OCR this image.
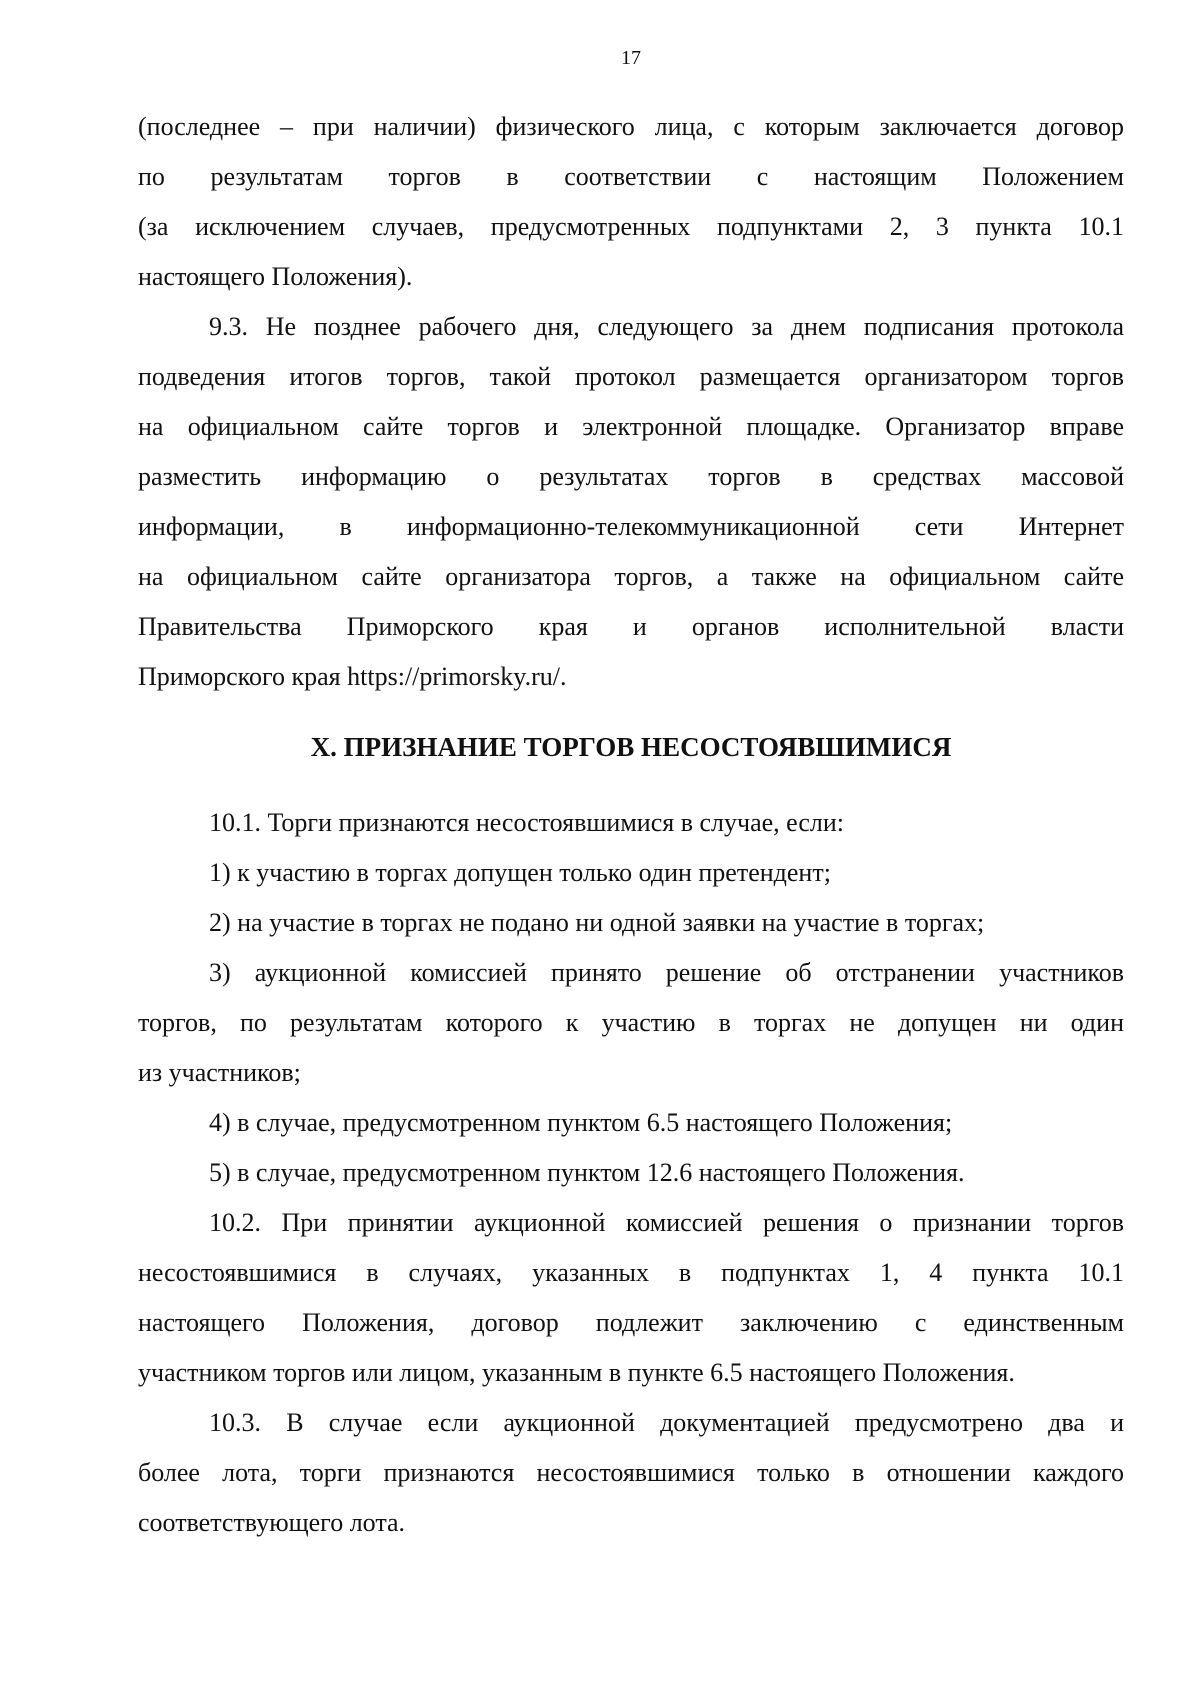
17
(последнее – при наличии) физического лица, с которым заключается договор
по результатам торгов в соответствии с настоящим Положением
(за исключением случаев, предусмотренных подпунктами 2, 3 пункта 10.1
настоящего Положения).
9.3. Не позднее рабочего дня, следующего за днем подписания протокола
подведения итогов торгов, такой протокол размещается организатором торгов
на официальном сайте торгов и электронной площадке. Организатор вправе
разместить информацию о результатах торгов в средствах массовой
информации, в информационно-телекоммуникационной сети Интернет
на официальном сайте организатора торгов, а также на официальном сайте
Правительства Приморского края и органов исполнительной власти
Приморского края https://primorsky.ru/.
X. ПРИЗНАНИЕ ТОРГОВ НЕСОСТОЯВШИМИСЯ
10.1. Торги признаются несостоявшимися в случае, если:
1) к участию в торгах допущен только один претендент;
2) на участие в торгах не подано ни одной заявки на участие в торгах;
3) аукционной комиссией принято решение об отстранении участников
торгов, по результатам которого к участию в торгах не допущен ни один
из участников;
4) в случае, предусмотренном пунктом 6.5 настоящего Положения;
5) в случае, предусмотренном пунктом 12.6 настоящего Положения.
10.2. При принятии аукционной комиссией решения о признании торгов
несостоявшимися в случаях, указанных в подпунктах 1, 4 пункта 10.1
настоящего Положения, договор подлежит заключению с единственным
участником торгов или лицом, указанным в пункте 6.5 настоящего Положения.
10.3. В случае если аукционной документацией предусмотрено два и
более лота, торги признаются несостоявшимися только в отношении каждого
соответствующего лота.
